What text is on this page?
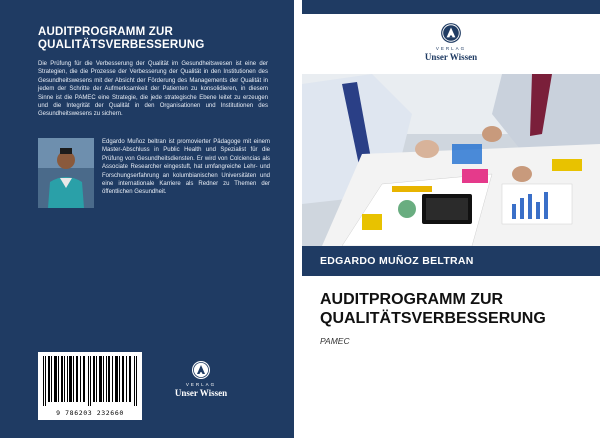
AUDITPROGRAMM ZUR QUALITÄTSVERBESSERUNG
Die Prüfung für die Verbesserung der Qualität im Gesundheitswesen ist eine der Strategien, die die Prozesse der Verbesserung der Qualität in den Institutionen des Gesundheitswesens mit der Absicht der Förderung des Managements der Qualität in jedem der Schritte der Aufmerksamkeit der Patienten zu konsolidieren, in diesem Sinne ist die PAMEC eine Strategie, die jede strategische Ebene leitet zu erzeugen und die Integrität der Qualität in den Organisationen und Institutionen des Gesundheitswesens zu sichern.
Edgardo Muñoz beltran ist promovierter Pädagoge mit einem Master-Abschluss in Public Health und Spezialist für die Prüfung von Gesundheitsdiensten. Er wird von Colciencias als Associate Researcher eingestuft, hat umfangreiche Lehr- und Forschungserfahrung an kolumbianischen Universitäten und eine internationale Karriere als Redner zu Themen der öffentlichen Gesundheit.
9 786203 232660
VERLAG
Unser Wissen
VERLAG
Unser Wissen
EDGARDO MUÑOZ BELTRAN
AUDITPROGRAMM ZUR QUALITÄTSVERBESSERUNG
PAMEC
